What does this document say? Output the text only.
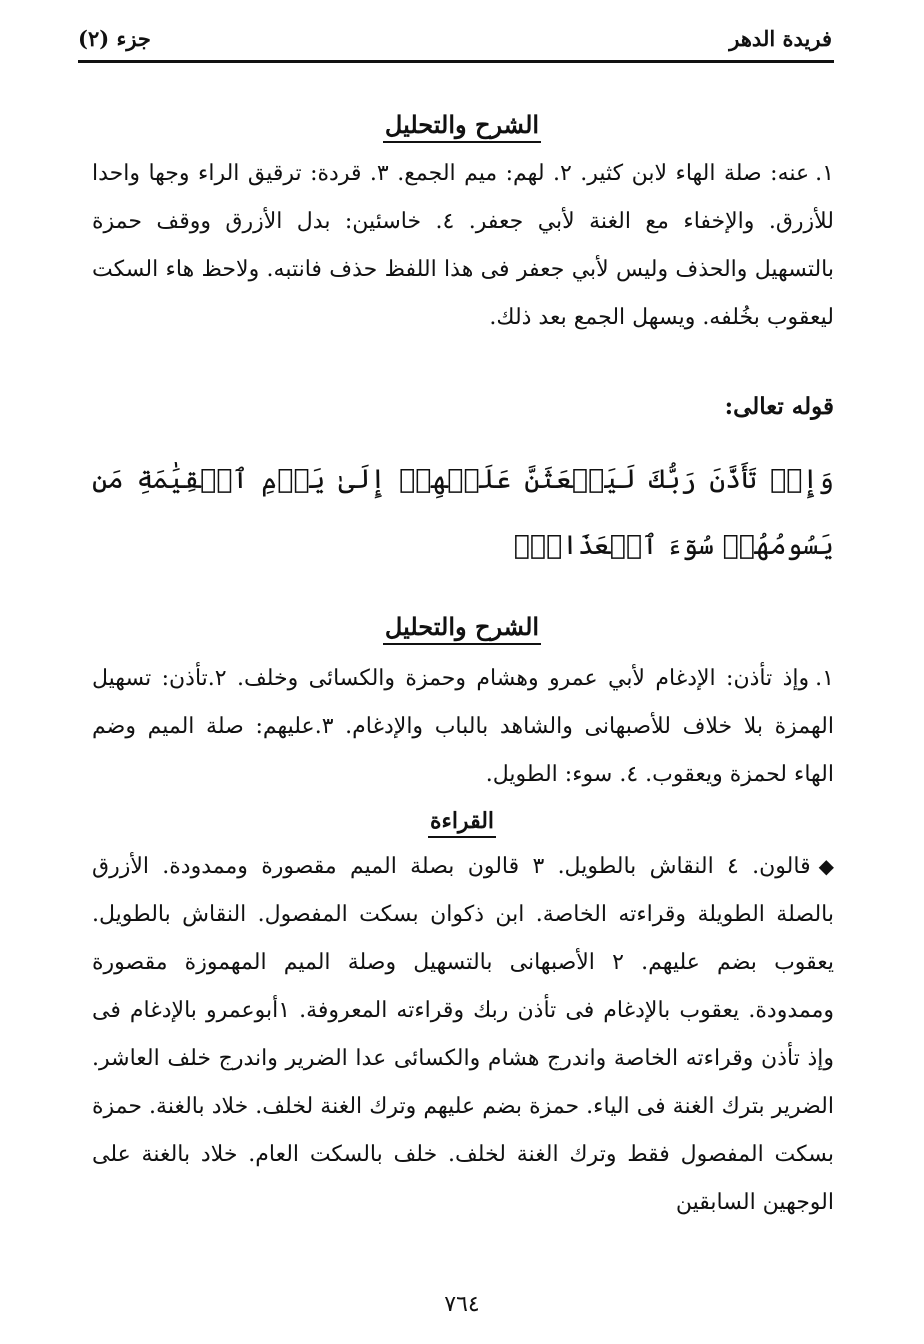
فريدة الدهر
جزء (٢)
الشرح والتحليل
١.عنه: صلة الهاء لابن كثير. ٢. لهم: ميم الجمع. ٣. قردة: ترقيق الراء وجها واحدا للأزرق. والإخفاء مع الغنة لأبي جعفر. ٤. خاسئين: بدل الأزرق ووقف حمزة بالتسهيل والحذف وليس لأبي جعفر فى هذا اللفظ حذف فانتبه. ولاحظ هاء السكت ليعقوب بخُلفه. ويسهل الجمع بعد ذلك.
قوله تعالى:
وَإِذۡ تَأَذَّنَ رَبُّكَ لَيَبۡعَثَنَّ عَلَيۡهِمۡ إِلَىٰ يَوۡمِ ٱلۡقِيَٰمَةِ مَن يَسُومُهُمۡ سُوٓءَ ٱلۡعَذَابِۗ
الشرح والتحليل
١.وإذ تأذن: الإدغام لأبي عمرو وهشام وحمزة والكسائى وخلف. ٢.تأذن: تسهيل الهمزة بلا خلاف للأصبهانى والشاهد بالباب والإدغام. ٣.عليهم: صلة الميم وضم الهاء لحمزة ويعقوب. ٤. سوء: الطويل.
القراءة
◆قالون. ٤ النقاش بالطويل. ٣ قالون بصلة الميم مقصورة وممدودة. الأزرق بالصلة الطويلة وقراءته الخاصة. ابن ذكوان بسكت المفصول. النقاش بالطويل. يعقوب بضم عليهم. ٢ الأصبهانى بالتسهيل وصلة الميم المهموزة مقصورة وممدودة. يعقوب بالإدغام فى تأذن ربك وقراءته المعروفة. ١أبوعمرو بالإدغام فى وإذ تأذن وقراءته الخاصة واندرج هشام والكسائى عدا الضرير واندرج خلف العاشر. الضرير بترك الغنة فى الياء. حمزة بضم عليهم وترك الغنة لخلف. خلاد بالغنة. حمزة بسكت المفصول فقط وترك الغنة لخلف. خلف بالسكت العام. خلاد بالغنة على الوجهين السابقين
٧٦٤
